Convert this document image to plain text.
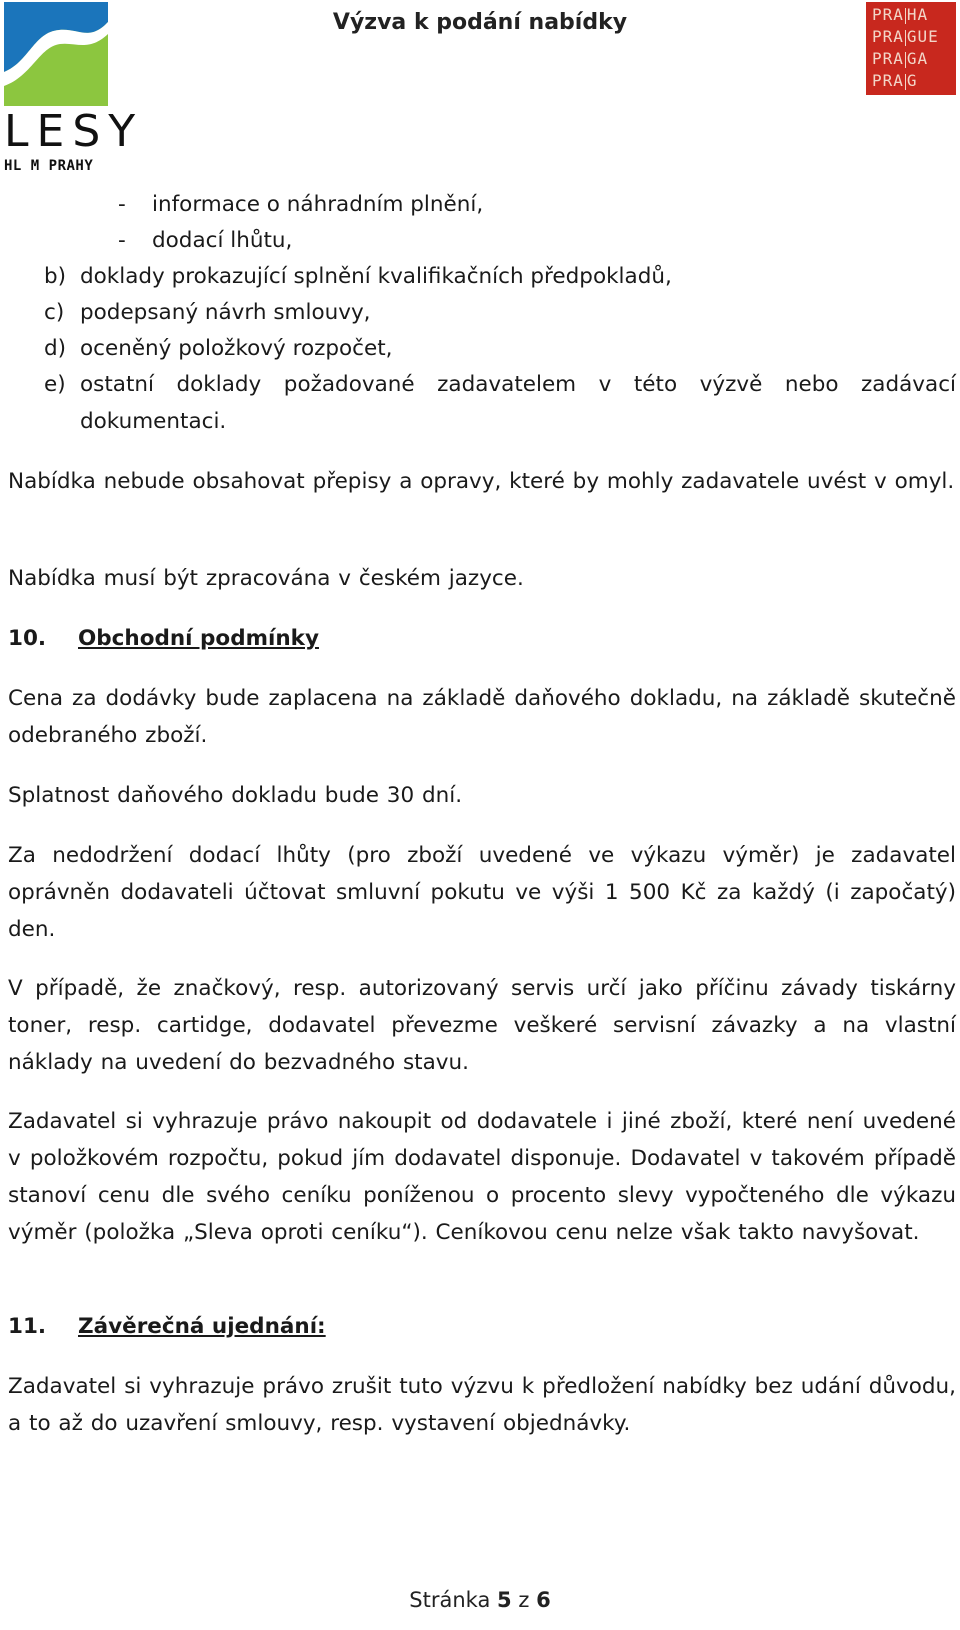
Výzva k podání nabídky
LESY
HL M PRAHY
PRA HA
PRA GUE
PRA GA
PRA G
- informace o náhradním plnění,
- dodací lhůtu,
b) doklady prokazující splnění kvalifikačních předpokladů,
c) podepsaný návrh smlouvy,
d) oceněný položkový rozpočet,
e) ostatní doklady požadované zadavatelem v této výzvě nebo zadávací dokumentaci.
Nabídka nebude obsahovat přepisy a opravy, které by mohly zadavatele uvést v omyl.
Nabídka musí být zpracována v českém jazyce.
10. Obchodní podmínky
Cena za dodávky bude zaplacena na základě daňového dokladu, na základě skutečně odebraného zboží.
Splatnost daňového dokladu bude 30 dní.
Za nedodržení dodací lhůty (pro zboží uvedené ve výkazu výměr) je zadavatel oprávněn dodavateli účtovat smluvní pokutu ve výši 1 500 Kč za každý (i započatý) den.
V případě, že značkový, resp. autorizovaný servis určí jako příčinu závady tiskárny toner, resp. cartidge, dodavatel převezme veškeré servisní závazky a na vlastní náklady na uvedení do bezvadného stavu.
Zadavatel si vyhrazuje právo nakoupit od dodavatele i jiné zboží, které není uvedené v položkovém rozpočtu, pokud jím dodavatel disponuje. Dodavatel v takovém případě stanoví cenu dle svého ceníku poníženou o procento slevy vypočteného dle výkazu výměr (položka „Sleva oproti ceníku“). Ceníkovou cenu nelze však takto navyšovat.
11. Závěrečná ujednání:
Zadavatel si vyhrazuje právo zrušit tuto výzvu k předložení nabídky bez udání důvodu, a to až do uzavření smlouvy, resp. vystavení objednávky.
Stránka 5 z 6
